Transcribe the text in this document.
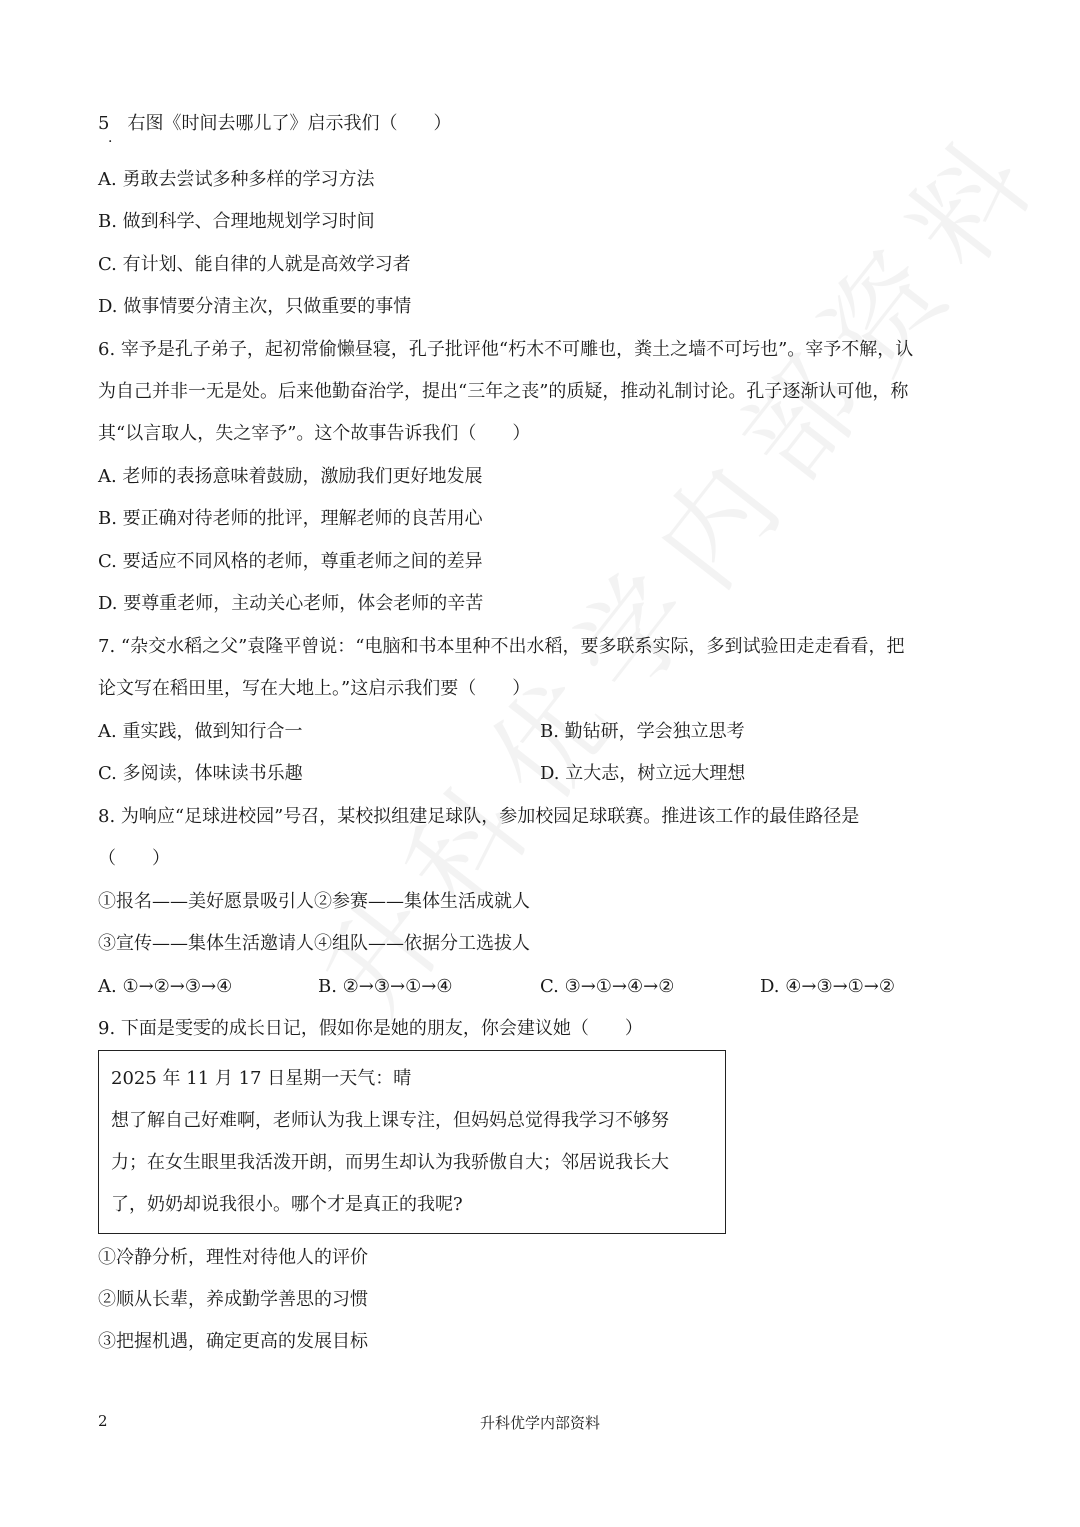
5　右图《时间去哪儿了》启示我们（　　）
·
A. 勇敢去尝试多种多样的学习方法
B. 做到科学、合理地规划学习时间
C. 有计划、能自律的人就是高效学习者
D. 做事情要分清主次，只做重要的事情
6. 宰予是孔子弟子，起初常偷懒昼寝，孔子批评他“朽木不可雕也，粪土之墙不可圬也”。宰予不解，认
为自己并非一无是处。后来他勤奋治学，提出“三年之丧”的质疑，推动礼制讨论。孔子逐渐认可他，称
其“以言取人，失之宰予”。这个故事告诉我们（　　）
A. 老师的表扬意味着鼓励，激励我们更好地发展
B. 要正确对待老师的批评，理解老师的良苦用心
C. 要适应不同风格的老师，尊重老师之间的差异
D. 要尊重老师，主动关心老师，体会老师的辛苦
7. “杂交水稻之父”袁隆平曾说：“电脑和书本里种不出水稻，要多联系实际，多到试验田走走看看，把
论文写在稻田里，写在大地上。”这启示我们要（　　）
A. 重实践，做到知行合一	B. 勤钻研，学会独立思考
C. 多阅读，体味读书乐趣	D. 立大志，树立远大理想
8. 为响应“足球进校园”号召，某校拟组建足球队，参加校园足球联赛。推进该工作的最佳路径是
（　　）
①报名——美好愿景吸引人②参赛——集体生活成就人
③宣传——集体生活邀请人④组队——依据分工选拔人
A. ①→②→③→④	B. ②→③→①→④	C. ③→①→④→②	D. ④→③→①→②
9. 下面是雯雯的成长日记，假如你是她的朋友，你会建议她（　　）
2025 年 11 月 17 日星期一天气：晴
想了解自己好难啊，老师认为我上课专注，但妈妈总觉得我学习不够努
力；在女生眼里我活泼开朗，而男生却认为我骄傲自大；邻居说我长大
了，奶奶却说我很小。哪个才是真正的我呢?
①冷静分析，理性对待他人的评价
②顺从长辈，养成勤学善思的习惯
③把握机遇，确定更高的发展目标
升科优学内部资料
2
